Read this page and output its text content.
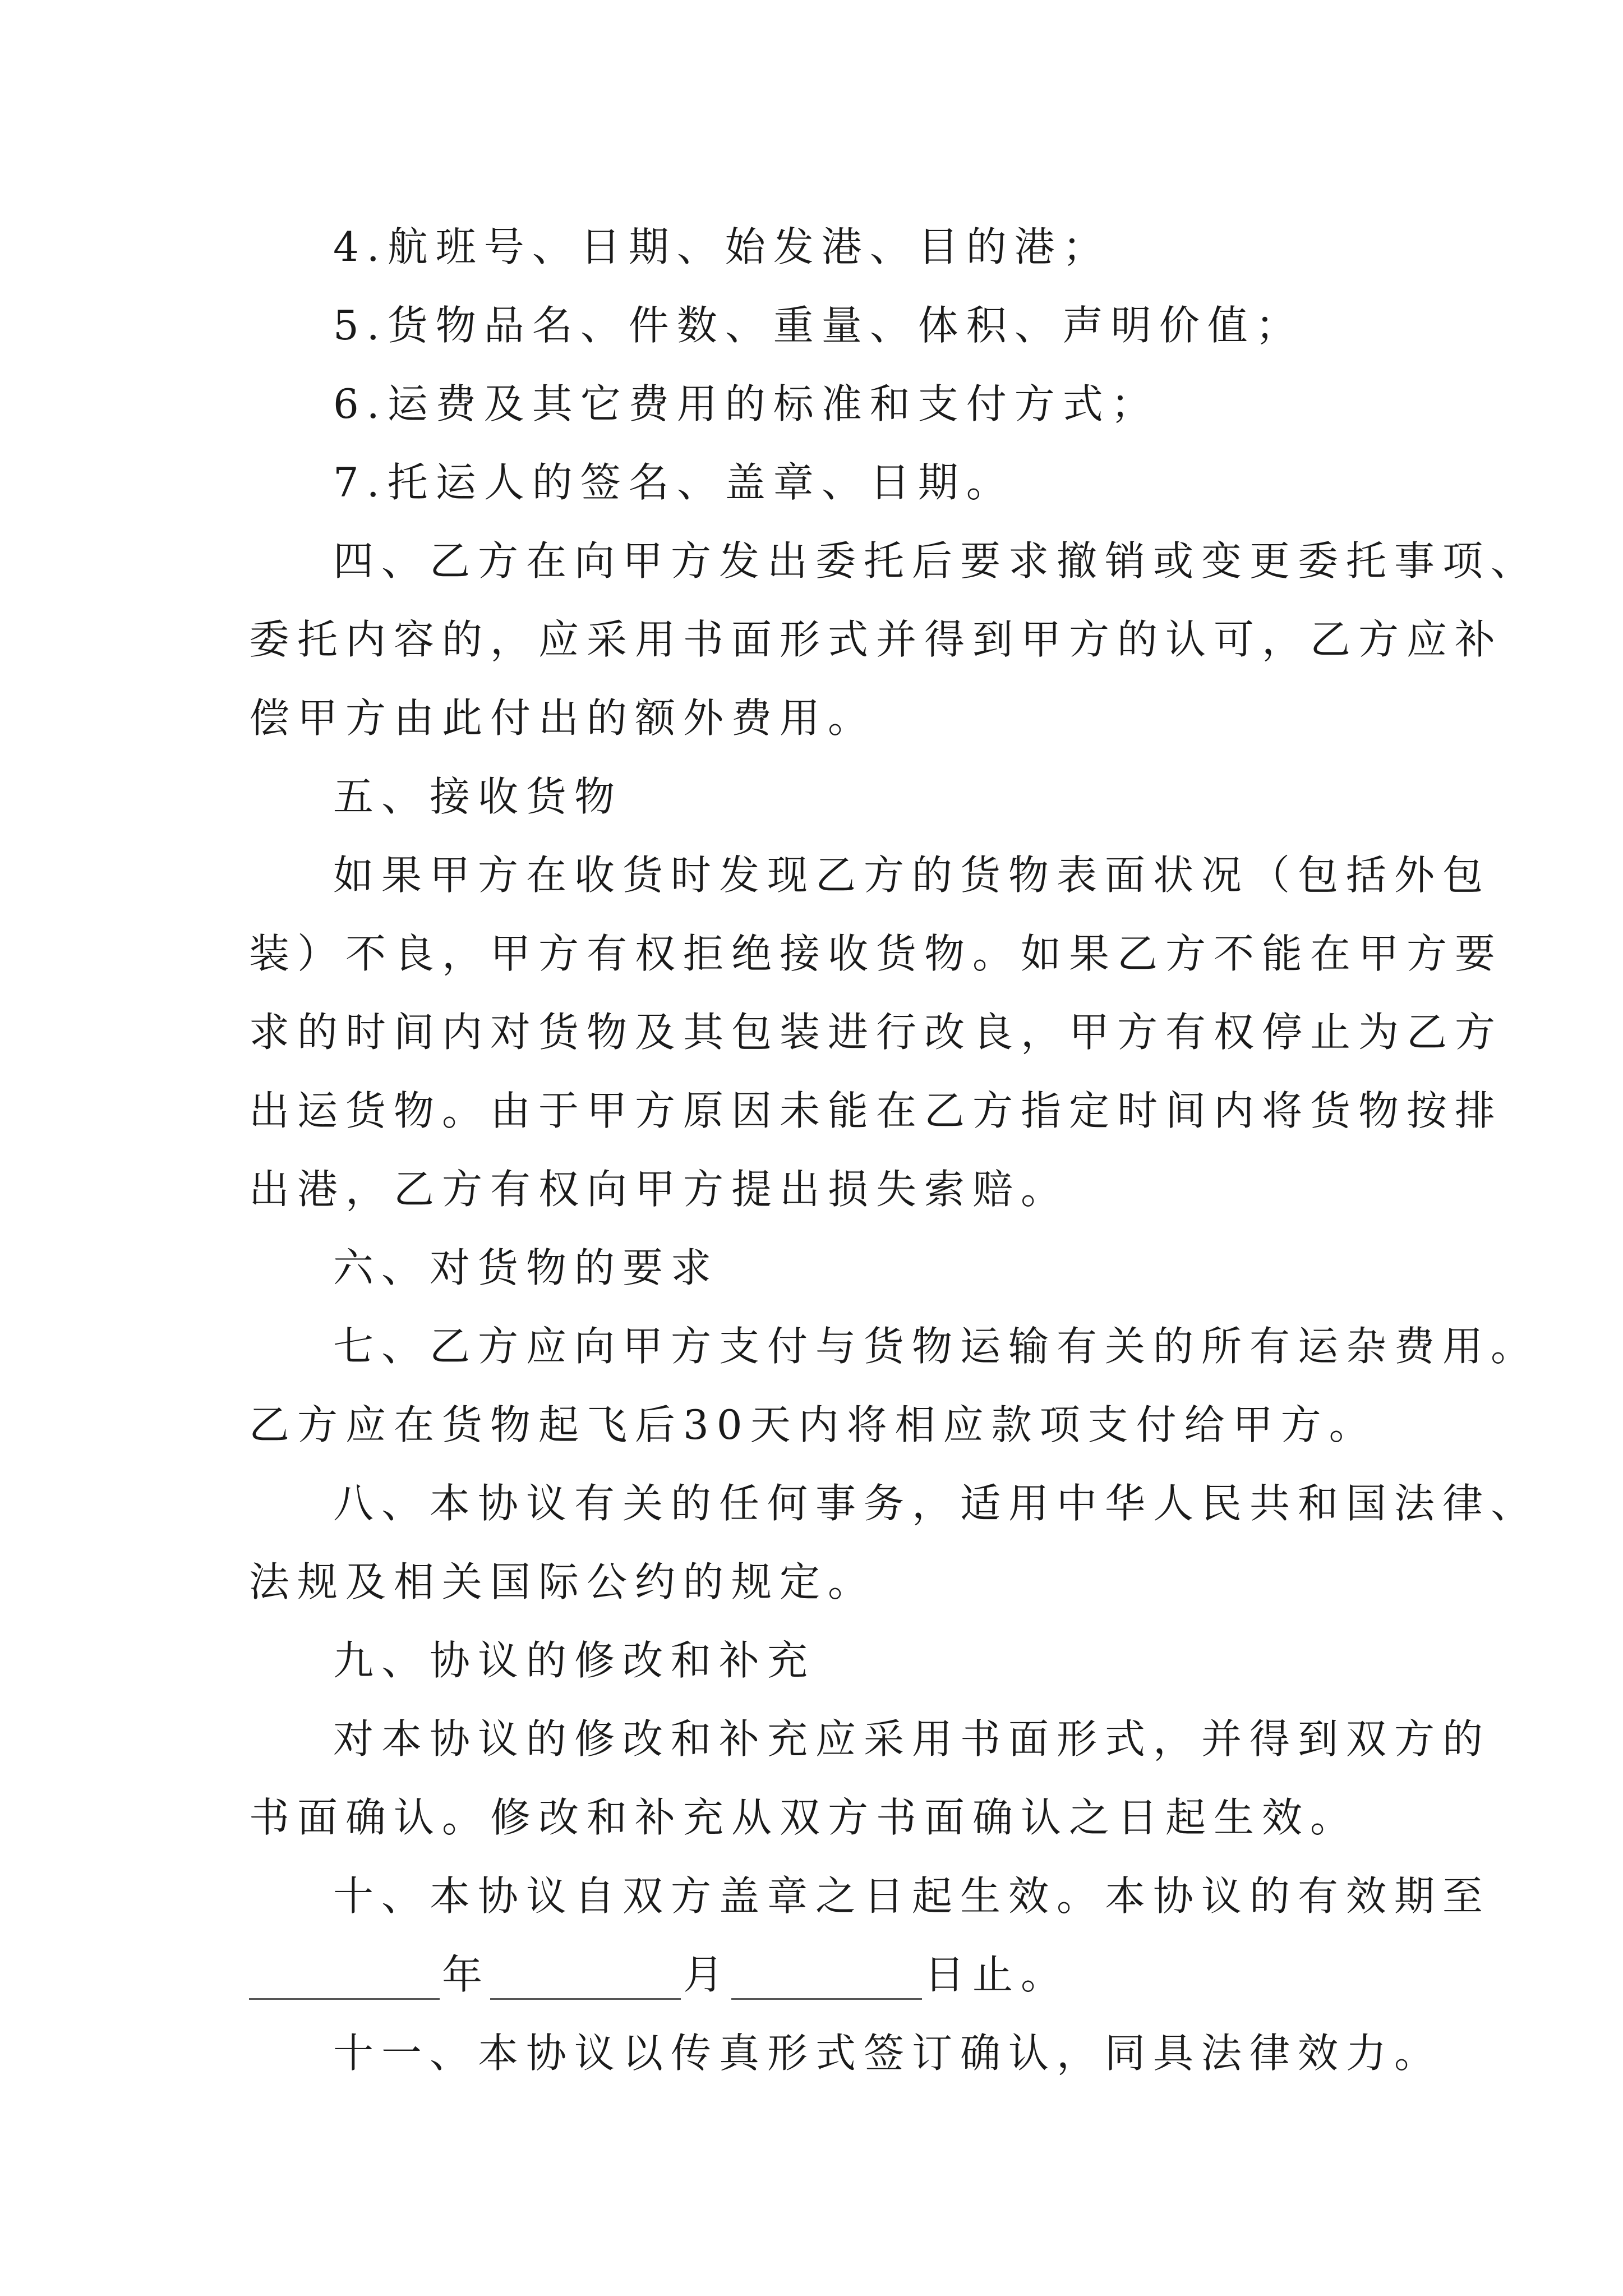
4.航班号、日期、始发港、目的港；
5.货物品名、件数、重量、体积、声明价值；
6.运费及其它费用的标准和支付方式；
7.托运人的签名、盖章、日期。
四、乙方在向甲方发出委托后要求撤销或变更委托事项、
委托内容的，应采用书面形式并得到甲方的认可，乙方应补
偿甲方由此付出的额外费用。
五、接收货物
如果甲方在收货时发现乙方的货物表面状况（包括外包
装）不良，甲方有权拒绝接收货物。如果乙方不能在甲方要
求的时间内对货物及其包装进行改良，甲方有权停止为乙方
出运货物。由于甲方原因未能在乙方指定时间内将货物按排
出港，乙方有权向甲方提出损失索赔。
六、对货物的要求
七、乙方应向甲方支付与货物运输有关的所有运杂费用。
乙方应在货物起飞后30天内将相应款项支付给甲方。
八、本协议有关的任何事务，适用中华人民共和国法律、
法规及相关国际公约的规定。
九、协议的修改和补充
对本协议的修改和补充应采用书面形式，并得到双方的
书面确认。修改和补充从双方书面确认之日起生效。
十、本协议自双方盖章之日起生效。本协议的有效期至
年	月	日止。
十一、本协议以传真形式签订确认，同具法律效力。
